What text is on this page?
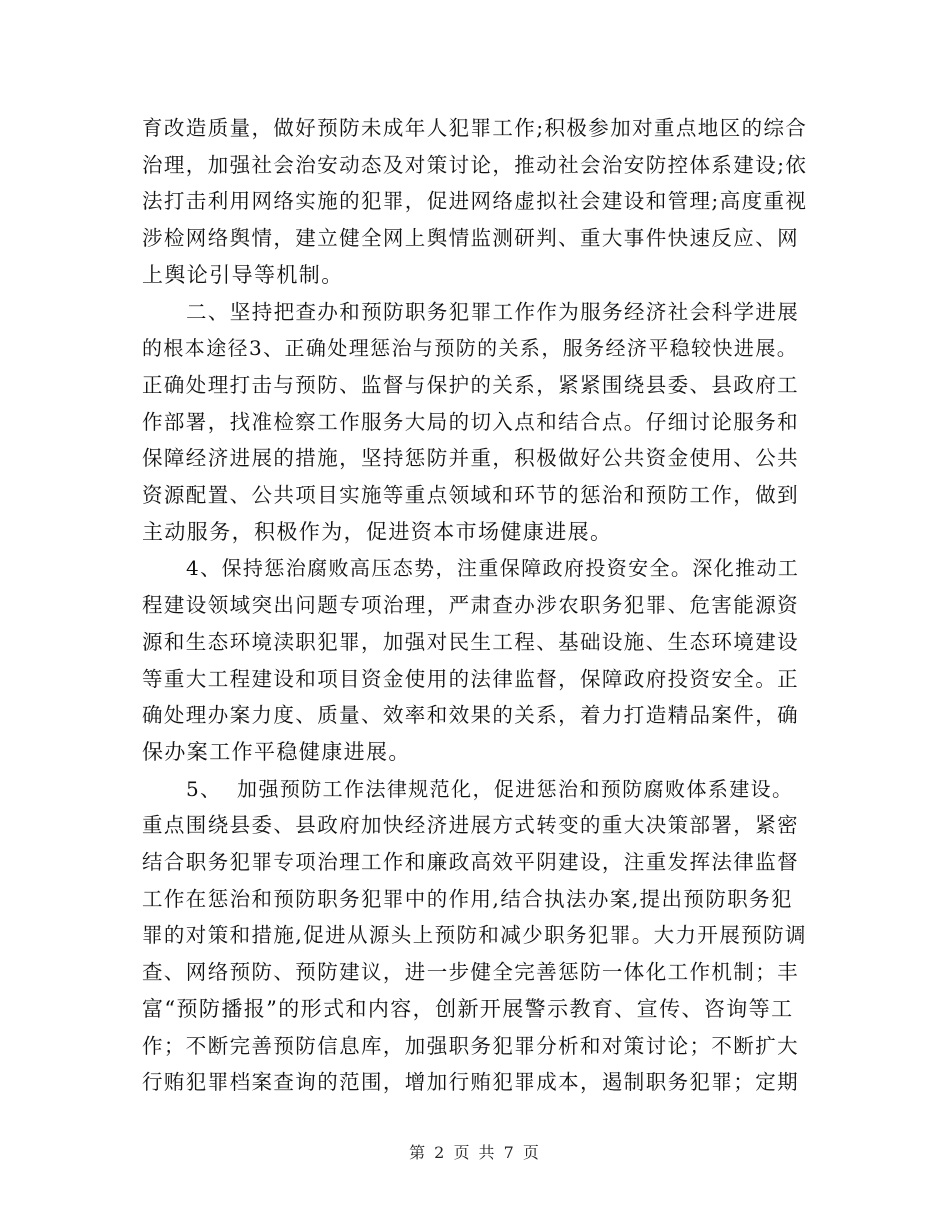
育改造质量，做好预防未成年人犯罪工作;积极参加对重点地区的综合
治理，加强社会治安动态及对策讨论，推动社会治安防控体系建设;依
法打击利用网络实施的犯罪，促进网络虚拟社会建设和管理;高度重视
涉检网络舆情，建立健全网上舆情监测研判、重大事件快速反应、网
上舆论引导等机制。

二、坚持把查办和预防职务犯罪工作作为服务经济社会科学进展
的根本途径3、正确处理惩治与预防的关系，服务经济平稳较快进展。
正确处理打击与预防、监督与保护的关系，紧紧围绕县委、县政府工
作部署，找准检察工作服务大局的切入点和结合点。仔细讨论服务和
保障经济进展的措施，坚持惩防并重，积极做好公共资金使用、公共
资源配置、公共项目实施等重点领域和环节的惩治和预防工作，做到
主动服务，积极作为，促进资本市场健康进展。

4、保持惩治腐败高压态势，注重保障政府投资安全。深化推动工
程建设领域突出问题专项治理，严肃查办涉农职务犯罪、危害能源资
源和生态环境渎职犯罪，加强对民生工程、基础设施、生态环境建设
等重大工程建设和项目资金使用的法律监督，保障政府投资安全。正
确处理办案力度、质量、效率和效果的关系，着力打造精品案件，确
保办案工作平稳健康进展。

5、  加强预防工作法律规范化，促进惩治和预防腐败体系建设。
重点围绕县委、县政府加快经济进展方式转变的重大决策部署，紧密
结合职务犯罪专项治理工作和廉政高效平阴建设，注重发挥法律监督
工作在惩治和预防职务犯罪中的作用,结合执法办案,提出预防职务犯
罪的对策和措施,促进从源头上预防和减少职务犯罪。大力开展预防调
查、网络预防、预防建议，进一步健全完善惩防一体化工作机制；丰
富“预防播报”的形式和内容，创新开展警示教育、宣传、咨询等工
作；不断完善预防信息库，加强职务犯罪分析和对策讨论；不断扩大
行贿犯罪档案查询的范围，增加行贿犯罪成本，遏制职务犯罪；定期

第 2 页 共 7 页
